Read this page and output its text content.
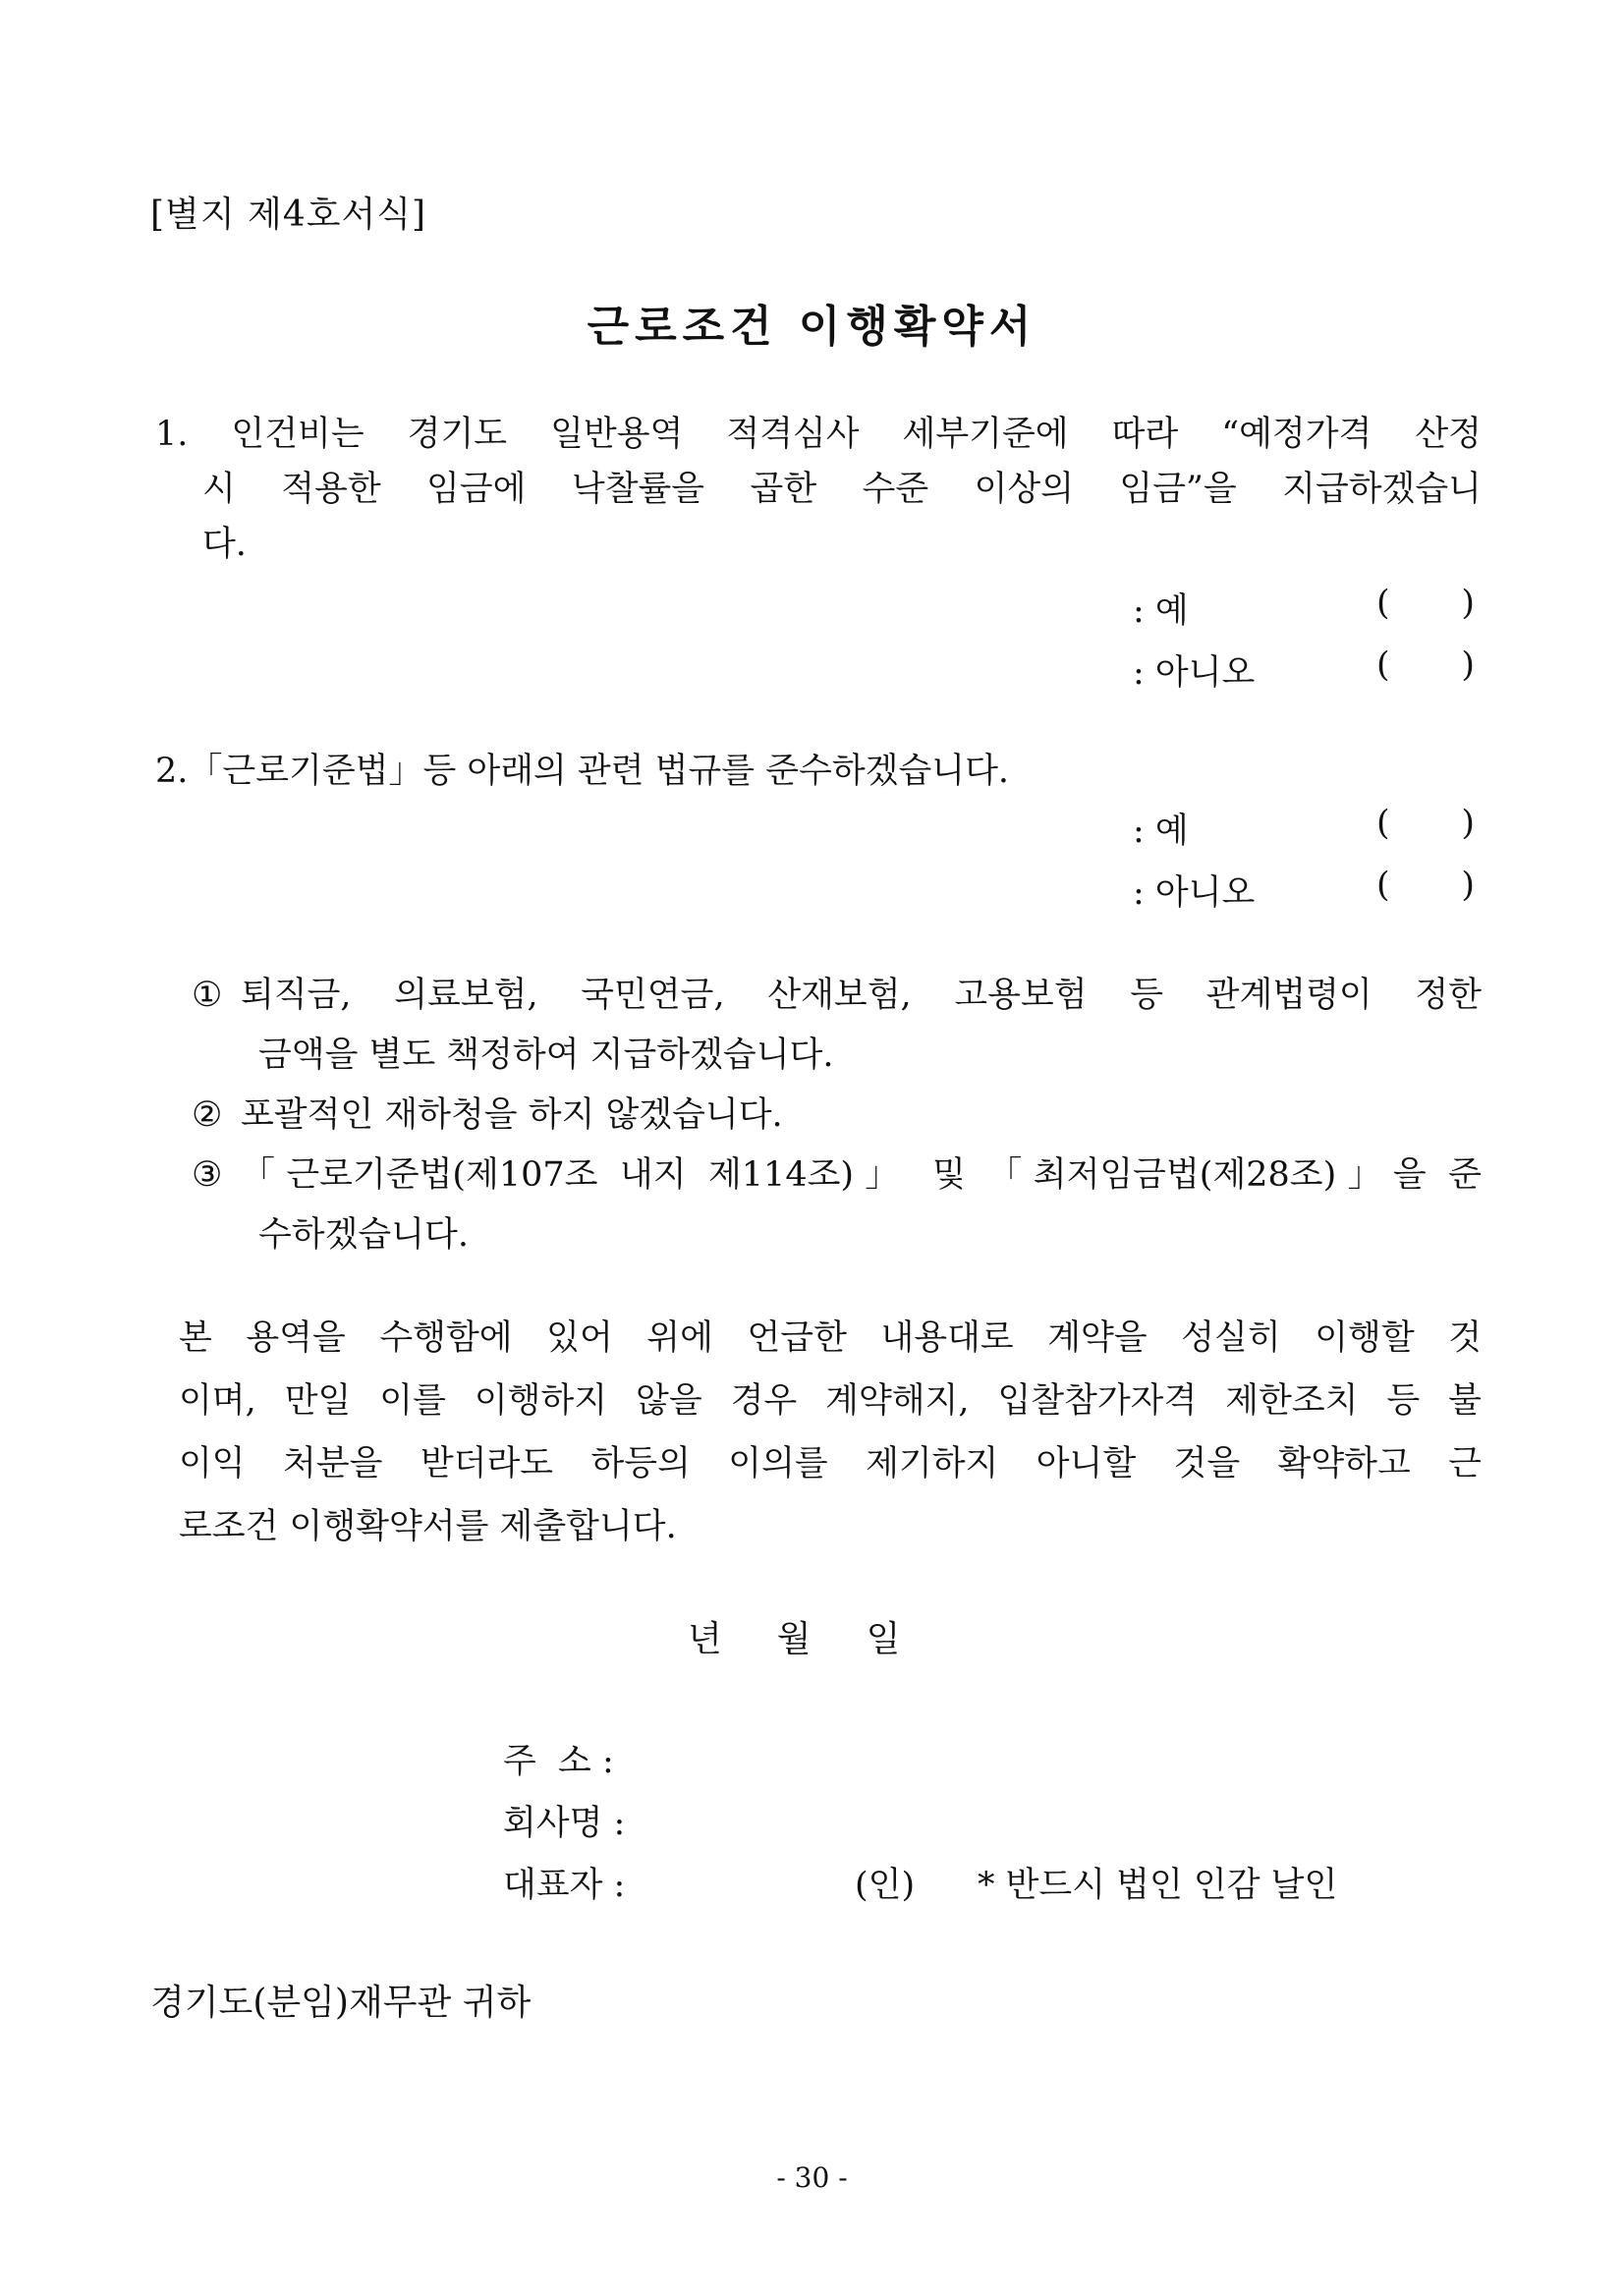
[별지 제4호서식]
근로조건 이행확약서
1. 인건비는 경기도 일반용역 적격심사 세부기준에 따라 “예정가격 산정
시 적용한 임금에 낙찰률을 곱한 수준 이상의 임금”을 지급하겠습니
다.
: 예	( )
: 아니오	( )
2.「근로기준법」등 아래의 관련 법규를 준수하겠습니다.
: 예	( )
: 아니오	( )
① 퇴직금, 의료보험, 국민연금, 산재보험, 고용보험 등 관계법령이 정한
금액을 별도 책정하여 지급하겠습니다.
② 포괄적인 재하청을 하지 않겠습니다.
③ 「근로기준법(제107조 내지 제114조)」 및 「최저임금법(제28조)」을 준
수하겠습니다.
본 용역을 수행함에 있어 위에 언급한 내용대로 계약을 성실히 이행할 것
이며, 만일 이를 이행하지 않을 경우 계약해지, 입찰참가자격 제한조치 등 불
이익 처분을 받더라도 하등의 이의를 제기하지 아니할 것을 확약하고 근
로조건 이행확약서를 제출합니다.
년 월 일
주  소 :
회사명 :
대표자 :	(인) * 반드시 법인 인감 날인
경기도(분임)재무관 귀하
- 30 -
